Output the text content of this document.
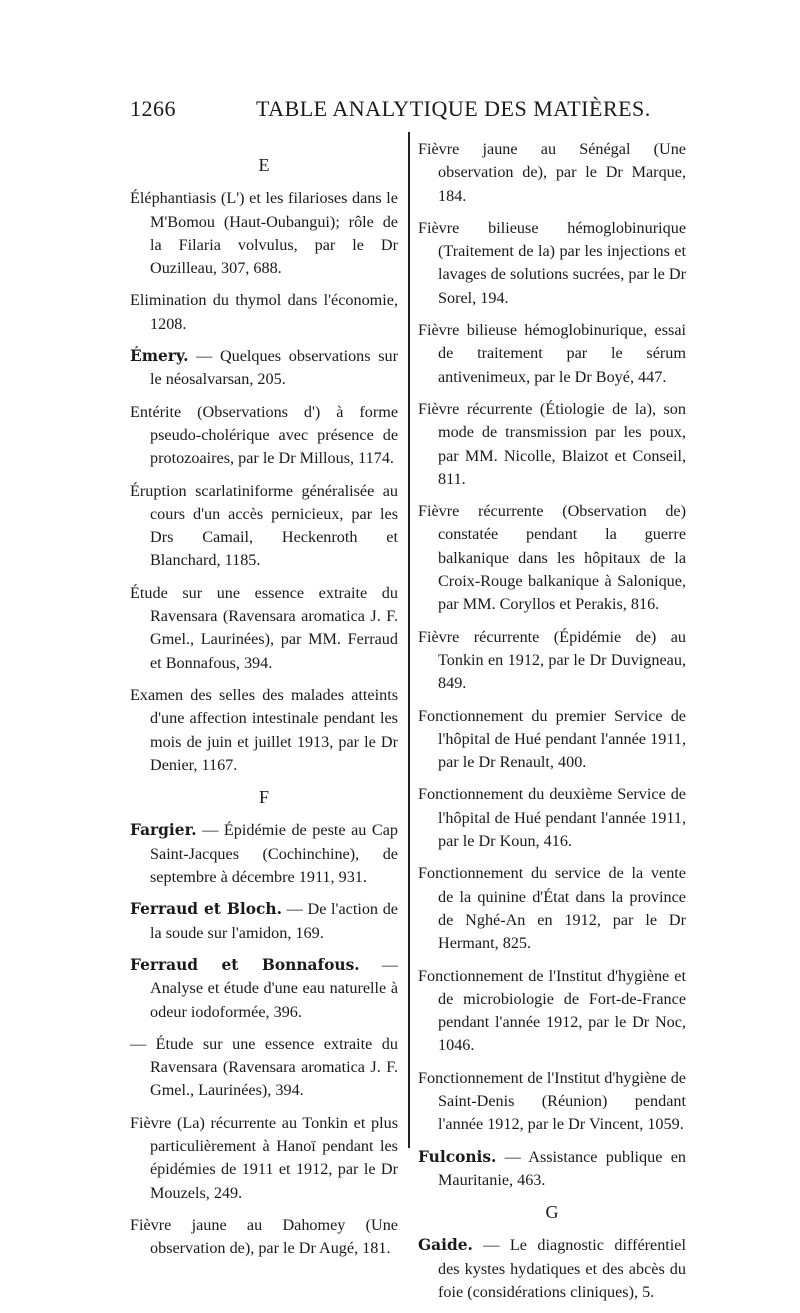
1266	TABLE ANALYTIQUE DES MATIÈRES.
E

Éléphantiasis (L') et les filarioses dans le M'Bomou (Haut-Oubangui); rôle de la Filaria volvulus, par le Dr Ouzilleau, 307, 688.

Elimination du thymol dans l'économie, 1208.

Émery. — Quelques observations sur le néosalvarsan, 205.

Entérite (Observations d') à forme pseudo-cholérique avec présence de protozoaires, par le Dr Millous, 1174.

Éruption scarlatiniforme généralisée au cours d'un accès pernicieux, par les Drs Camail, Heckenroth et Blanchard, 1185.

Étude sur une essence extraite du Ravensara (Ravensara aromatica J. F. Gmel., Laurinées), par MM. Ferraud et Bonnafous, 394.

Examen des selles des malades atteints d'une affection intestinale pendant les mois de juin et juillet 1913, par le Dr Denier, 1167.

F

Fargier. — Épidémie de peste au Cap Saint-Jacques (Cochinchine), de septembre à décembre 1911, 931.

Ferraud et Bloch. — De l'action de la soude sur l'amidon, 169.

Ferraud et Bonnafous. — Analyse et étude d'une eau naturelle à odeur iodoformée, 396.

— Étude sur une essence extraite du Ravensara (Ravensara aromatica J. F. Gmel., Laurinées), 394.

Fièvre (La) récurrente au Tonkin et plus particulièrement à Hanoï pendant les épidémies de 1911 et 1912, par le Dr Mouzels, 249.

Fièvre jaune au Dahomey (Une observation de), par le Dr Augé, 181.

Fièvre jaune au Sénégal (Une observation de), par le Dr Marque, 184.

Fièvre bilieuse hémoglobinurique (Traitement de la) par les injections et lavages de solutions sucrées, par le Dr Sorel, 194.

Fièvre bilieuse hémoglobinurique, essai de traitement par le sérum antivenimeux, par le Dr Boyé, 447.

Fièvre récurrente (Étiologie de la), son mode de transmission par les poux, par MM. Nicolle, Blaizot et Conseil, 811.

Fièvre récurrente (Observation de) constatée pendant la guerre balkanique dans les hôpitaux de la Croix-Rouge balkanique à Salonique, par MM. Coryllos et Perakis, 816.

Fièvre récurrente (Épidémie de) au Tonkin en 1912, par le Dr Duvigneau, 849.

Fonctionnement du premier Service de l'hôpital de Hué pendant l'année 1911, par le Dr Renault, 400.

Fonctionnement du deuxième Service de l'hôpital de Hué pendant l'année 1911, par le Dr Koun, 416.

Fonctionnement du service de la vente de la quinine d'État dans la province de Nghé-An en 1912, par le Dr Hermant, 825.

Fonctionnement de l'Institut d'hygiène et de microbiologie de Fort-de-France pendant l'année 1912, par le Dr Noc, 1046.

Fonctionnement de l'Institut d'hygiène de Saint-Denis (Réunion) pendant l'année 1912, par le Dr Vincent, 1059.

Fulconis. — Assistance publique en Mauritanie, 463.

G

Gaide. — Le diagnostic différentiel des kystes hydatiques et des abcès du foie (considérations cliniques), 5.
